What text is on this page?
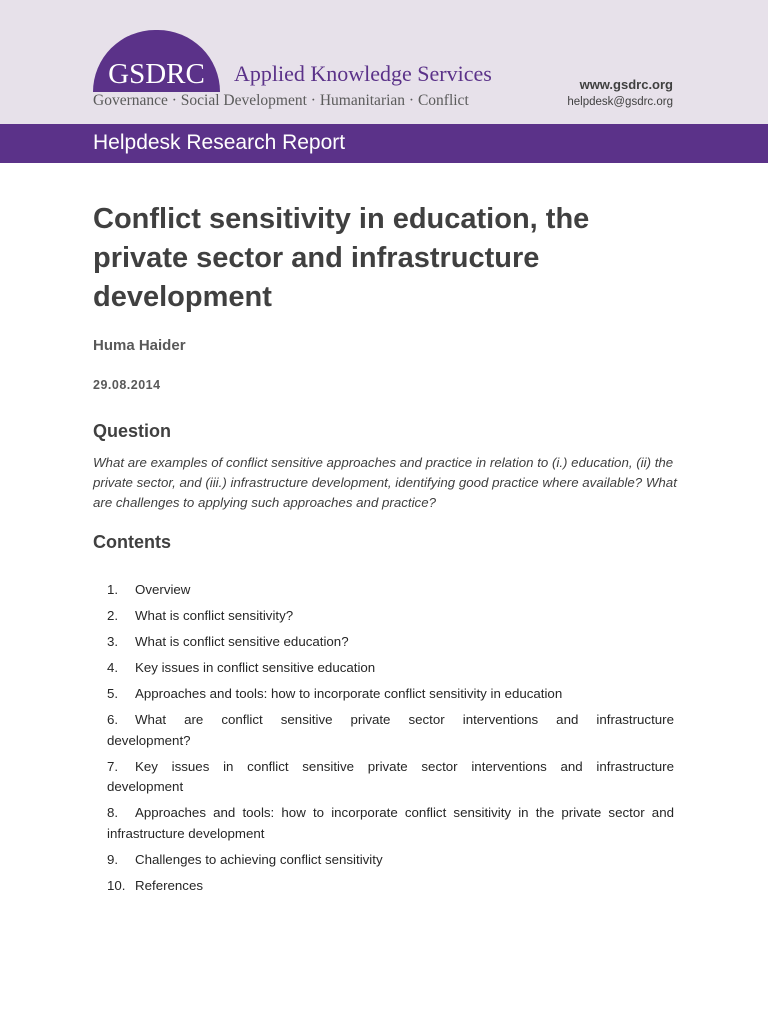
GSDRC	Applied Knowledge Services
Governance · Social Development · Humanitarian · Conflict
www.gsdrc.org
helpdesk@gsdrc.org
Helpdesk Research Report
Conflict sensitivity in education, the private sector and infrastructure development
Huma Haider
29.08.2014
Question
What are examples of conflict sensitive approaches and practice in relation to (i.) education, (ii) the private sector, and (iii.) infrastructure development, identifying good practice where available? What are challenges to applying such approaches and practice?
Contents
1. Overview
2. What is conflict sensitivity?
3. What is conflict sensitive education?
4. Key issues in conflict sensitive education
5. Approaches and tools: how to incorporate conflict sensitivity in education
6. What are conflict sensitive private sector interventions and infrastructure development?
7. Key issues in conflict sensitive private sector interventions and infrastructure development
8. Approaches and tools: how to incorporate conflict sensitivity in the private sector and infrastructure development
9. Challenges to achieving conflict sensitivity
10. References
